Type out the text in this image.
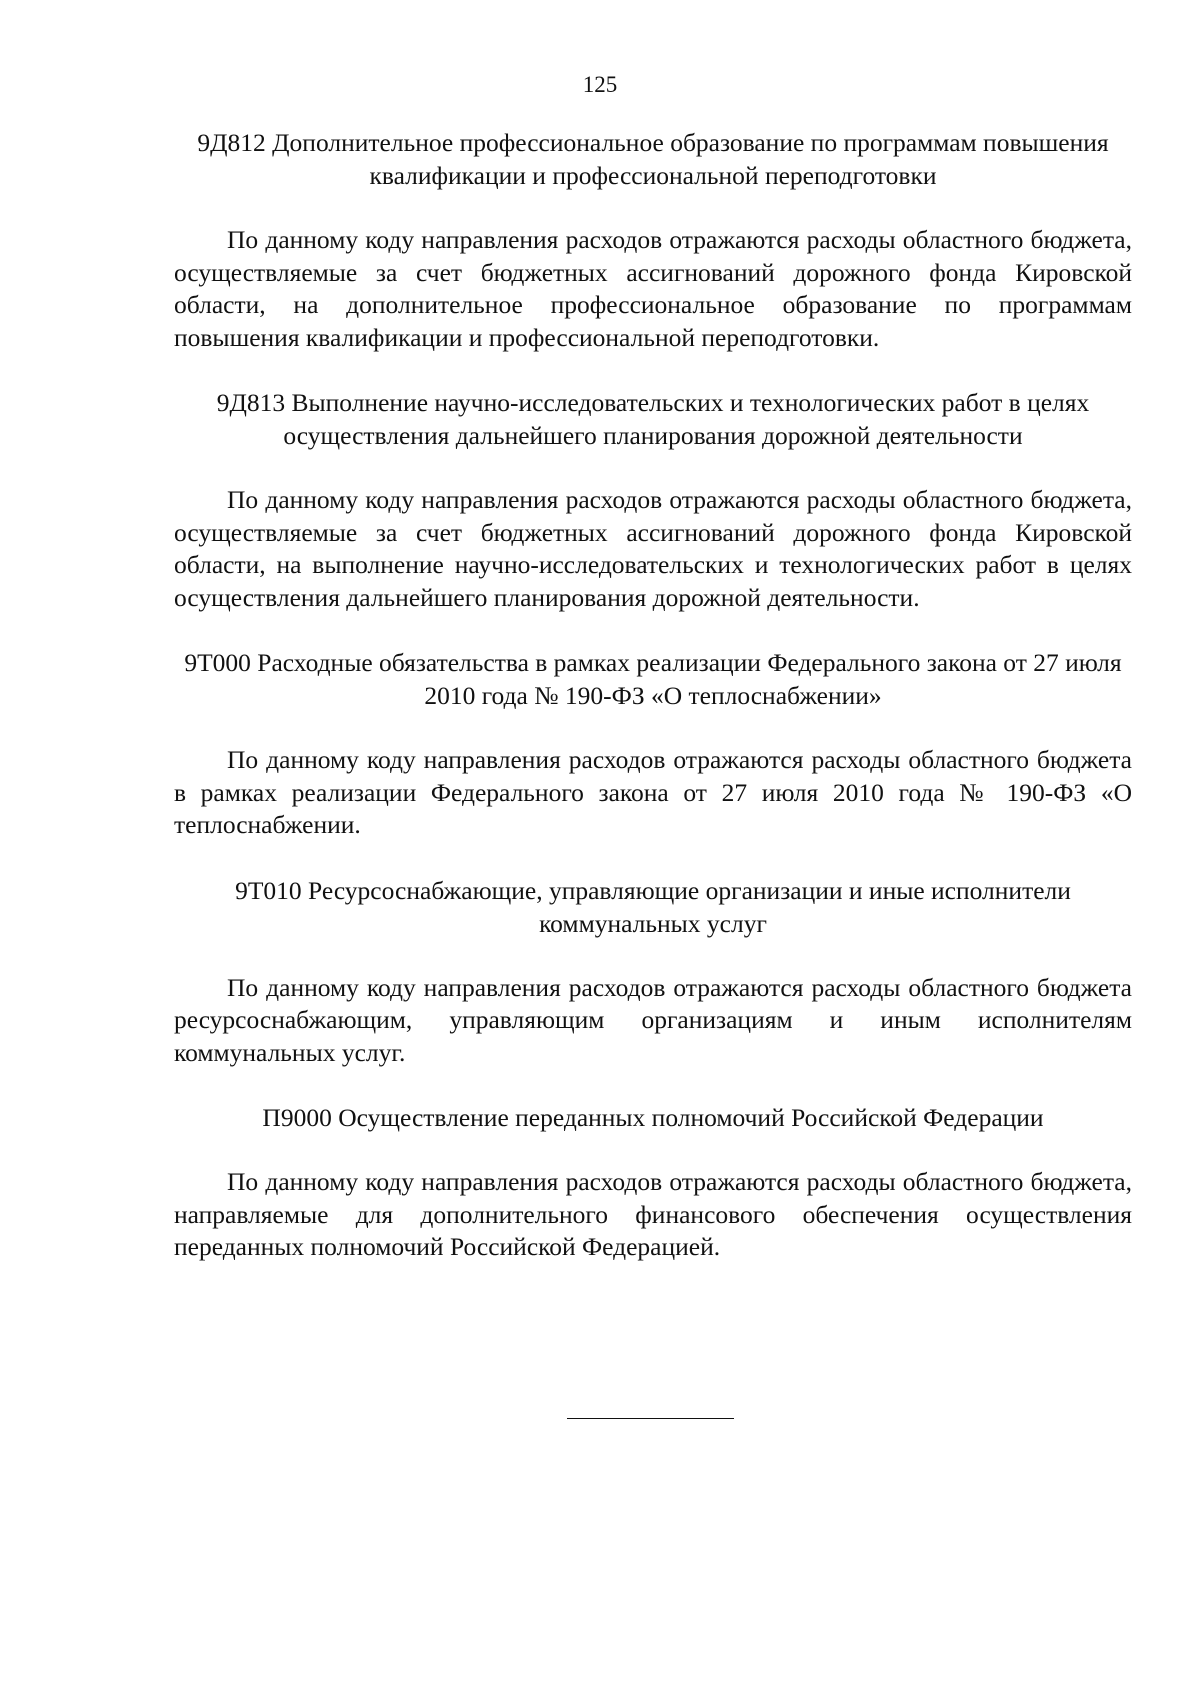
125

9Д812 Дополнительное профессиональное образование по программам повышения квалификации и профессиональной переподготовки

По данному коду направления расходов отражаются расходы областного бюджета, осуществляемые за счет бюджетных ассигнований дорожного фонда Кировской области, на дополнительное профессиональное образование по программам повышения квалификации и профессиональной переподготовки.

9Д813 Выполнение научно-исследовательских и технологических работ в целях осуществления дальнейшего планирования дорожной деятельности

По данному коду направления расходов отражаются расходы областного бюджета, осуществляемые за счет бюджетных ассигнований дорожного фонда Кировской области, на выполнение научно-исследовательских и технологических работ в целях осуществления дальнейшего планирования дорожной деятельности.

9Т000 Расходные обязательства в рамках реализации Федерального закона от 27 июля 2010 года № 190-ФЗ «О теплоснабжении»

По данному коду направления расходов отражаются расходы областного бюджета в рамках реализации Федерального закона от 27 июля 2010 года № 190-ФЗ «О теплоснабжении.

9Т010 Ресурсоснабжающие, управляющие организации и иные исполнители коммунальных услуг

По данному коду направления расходов отражаются расходы областного бюджета ресурсоснабжающим, управляющим организациям и иным исполнителям коммунальных услуг.

П9000 Осуществление переданных полномочий Российской Федерации

По данному коду направления расходов отражаются расходы областного бюджета, направляемые для дополнительного финансового обеспечения осуществления переданных полномочий Российской Федерацией.
